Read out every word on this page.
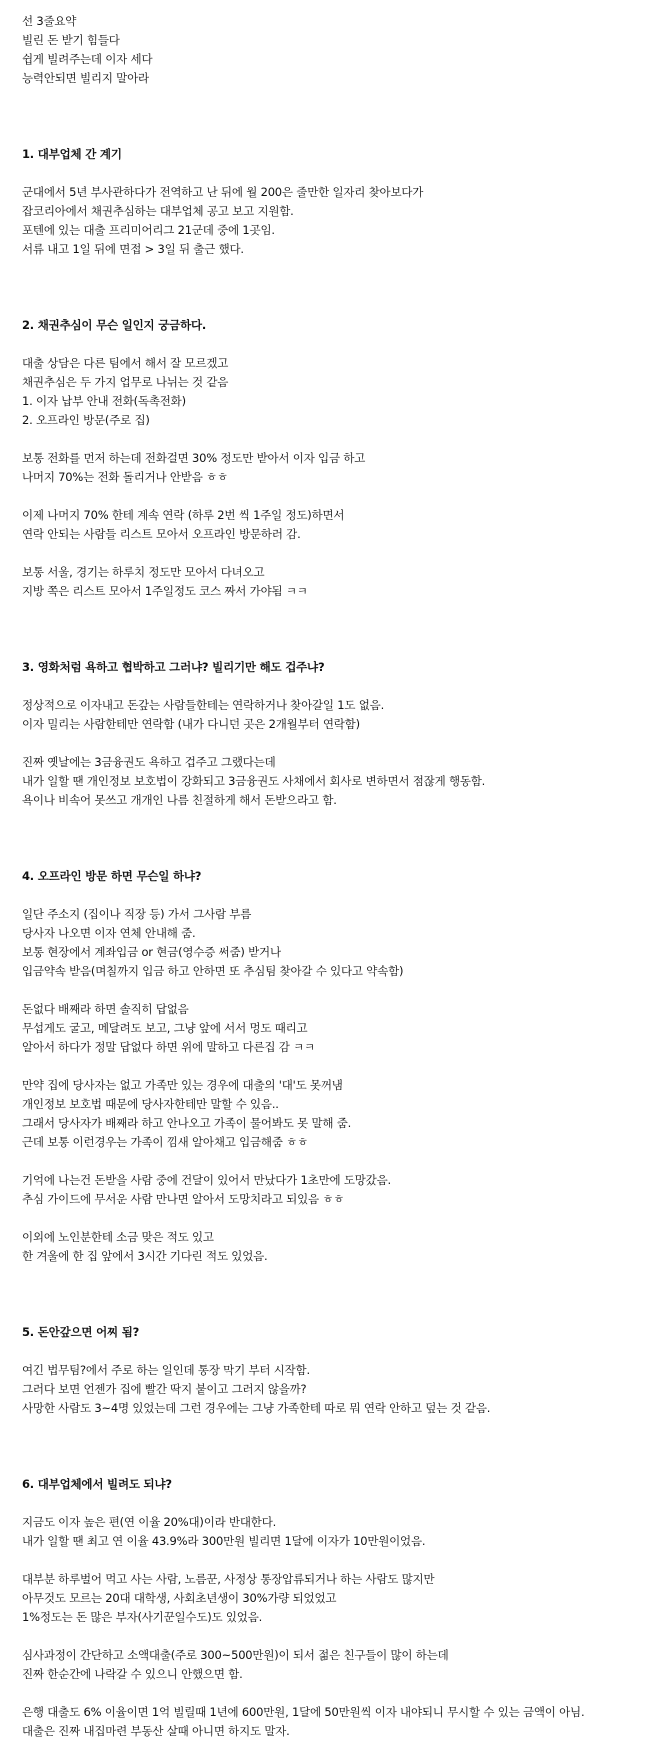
선 3줄요약
빌린 돈 받기 힘들다
쉽게 빌려주는데 이자 세다
능력안되면 빌리지 말아라
1. 대부업체 간 계기
군대에서 5년 부사관하다가 전역하고 난 뒤에 월 200은 줄만한 일자리 찾아보다가
잡코리아에서 채권추심하는 대부업체 공고 보고 지원함.
포텐에 있는 대출 프리미어리그 21군데 중에 1곳임.
서류 내고 1일 뒤에 면접 > 3일 뒤 출근 했다.
2. 채권추심이 무슨 일인지 궁금하다.
대출 상담은 다른 팀에서 해서 잘 모르겠고
채권추심은 두 가지 업무로 나뉘는 것 같음
1. 이자 납부 안내 전화(독촉전화)
2. 오프라인 방문(주로 집)
보통 전화를 먼저 하는데 전화걸면 30% 정도만 받아서 이자 입금 하고
나머지 70%는 전화 돌리거나 안받음 ㅎㅎ
이제 나머지 70% 한테 계속 연락 (하루 2번 씩 1주일 정도)하면서
연락 안되는 사람들 리스트 모아서 오프라인 방문하러 감.
보통 서울, 경기는 하루치 정도만 모아서 다녀오고
지방 쪽은 리스트 모아서 1주일정도 코스 짜서 가야됨 ㅋㅋ
3. 영화처럼 욕하고 협박하고 그러냐? 빌리기만 해도 겁주냐?
정상적으로 이자내고 돈갚는 사람들한테는 연락하거나 찾아갈일 1도 없음.
이자 밀리는 사람한테만 연락함 (내가 다니던 곳은 2개월부터 연락함)
진짜 옛날에는 3금융권도 욕하고 겁주고 그랬다는데
내가 일할 땐 개인정보 보호법이 강화되고 3금융권도 사채에서 회사로 변하면서 점잖게 행동함.
욕이나 비속어 못쓰고 개개인 나름 친절하게 해서 돈받으라고 함.
4. 오프라인 방문 하면 무슨일 하냐?
일단 주소지 (집이나 직장 등) 가서 그사람 부름
당사자 나오면 이자 연체 안내해 줌.
보통 현장에서 계좌입금 or 현금(영수증 써줌) 받거나
입금약속 받음(며칠까지 입금 하고 안하면 또 추심팀 찾아갈 수 있다고 약속함)
돈없다 배째라 하면 솔직히 답없음
무섭게도 굴고, 메달려도 보고, 그냥 앞에 서서 멍도 때리고
알아서 하다가 정말 답없다 하면 위에 말하고 다른집 감 ㅋㅋ
만약 집에 당사자는 없고 가족만 있는 경우에 대출의 '대'도 못꺼냄
개인정보 보호법 때문에 당사자한테만 말할 수 있음..
그래서 당사자가 배째라 하고 안나오고 가족이 물어봐도 못 말해 줌.
근데 보통 이런경우는 가족이 낌새 알아채고 입금해줌 ㅎㅎ
기억에 나는건 돈받을 사람 중에 건달이 있어서 만났다가 1초만에 도망갔음.
추심 가이드에 무서운 사람 만나면 알아서 도망치라고 되있음 ㅎㅎ
이외에 노인분한테 소금 맞은 적도 있고
한 겨울에 한 집 앞에서 3시간 기다린 적도 있었음.
5. 돈안갚으면 어찌 됨?
여긴 법무팀?에서 주로 하는 일인데 통장 막기 부터 시작함.
그러다 보면 언젠가 집에 빨간 딱지 붙이고 그러지 않을까?
사망한 사람도 3~4명 있었는데 그런 경우에는 그냥 가족한테 따로 뭐 연락 안하고 덮는 것 같음.
6. 대부업체에서 빌려도 되냐?
지금도 이자 높은 편(연 이율 20%대)이라 반대한다.
내가 일할 땐 최고 연 이율 43.9%라 300만원 빌리면 1달에 이자가 10만원이었음.
대부분 하루벌어 먹고 사는 사람, 노름꾼, 사정상 통장압류되거나 하는 사람도 많지만
아무것도 모르는 20대 대학생, 사회초년생이 30%가량 되었었고
1%정도는 돈 많은 부자(사기꾼일수도)도 있었음.
심사과정이 간단하고 소액대출(주로 300~500만원)이 되서 젊은 친구들이 많이 하는데
진짜 한순간에 나락갈 수 있으니 안했으면 함.
은행 대출도 6% 이율이면 1억 빌릴때 1년에 600만원, 1달에 50만원씩 이자 내야되니 무시할 수 있는 금액이 아님.
대출은 진짜 내집마련 부동산 살때 아니면 하지도 말자.
